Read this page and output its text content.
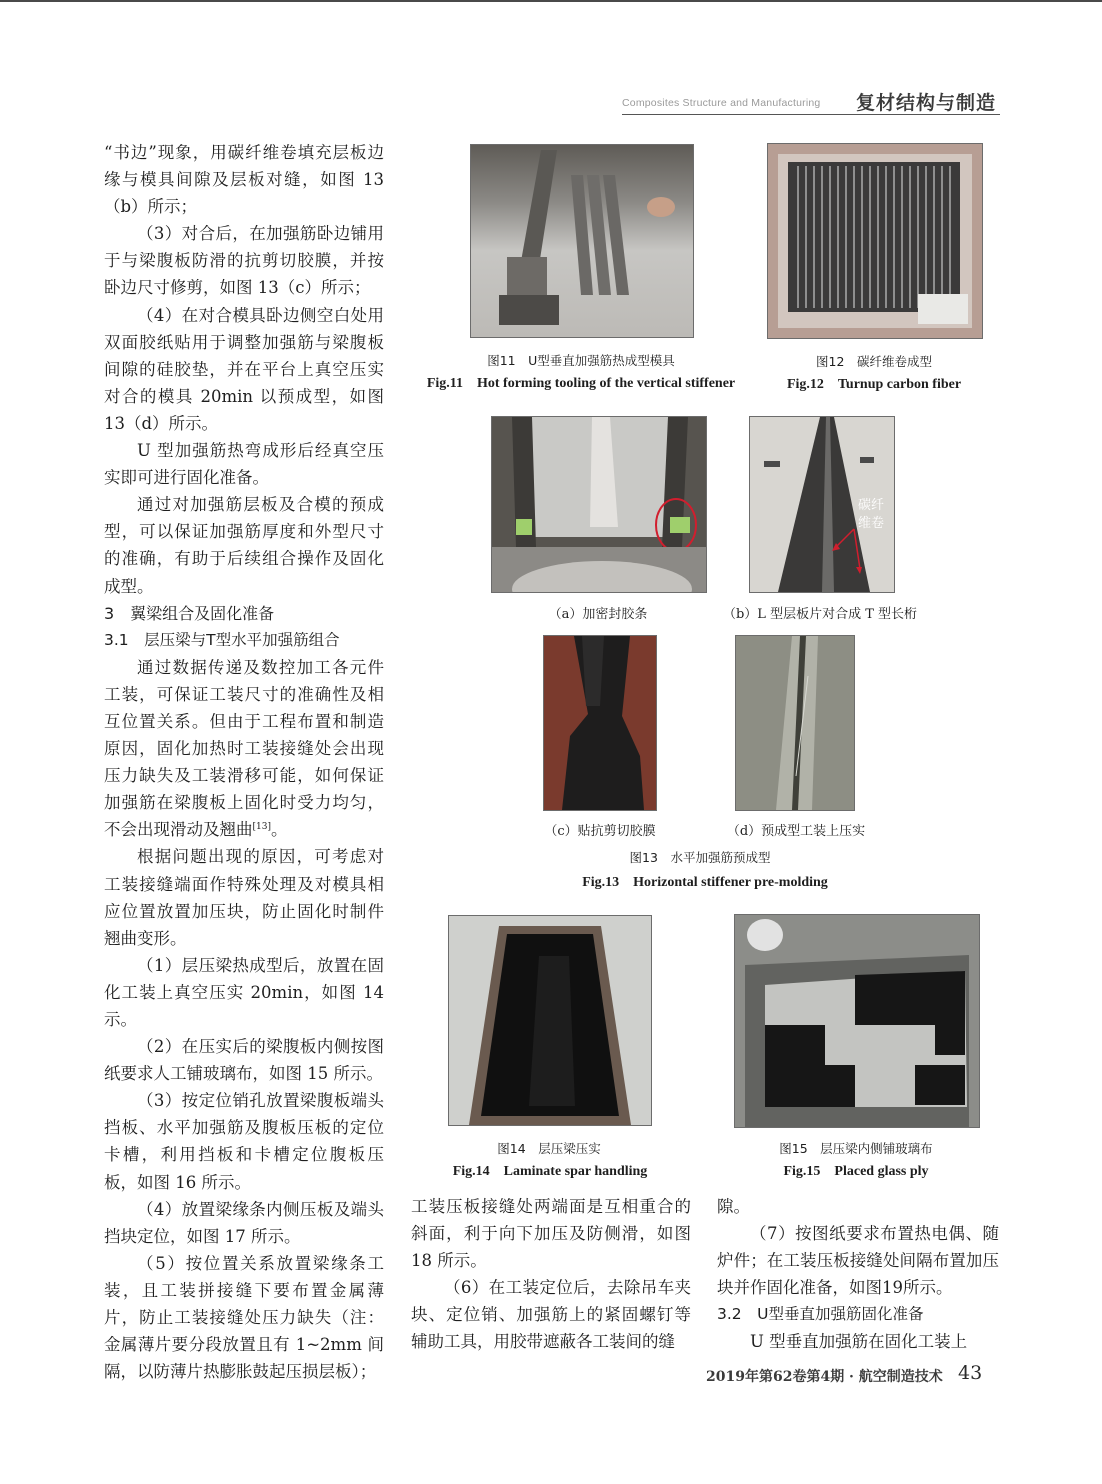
Composites Structure and Manufacturing 复材结构与制造

“书边”现象，用碳纤维卷填充层板边缘与模具间隙及层板对缝，如图 13（b）所示；

（3）对合后，在加强筋卧边铺用于与梁腹板防滑的抗剪切胶膜，并按卧边尺寸修剪，如图 13（c）所示；

（4）在对合模具卧边侧空白处用双面胶纸贴用于调整加强筋与梁腹板间隙的硅胶垫，并在平台上真空压实对合的模具 20min 以预成型，如图 13（d）所示。

U 型加强筋热弯成形后经真空压实即可进行固化准备。

通过对加强筋层板及合模的预成型，可以保证加强筋厚度和外型尺寸的准确，有助于后续组合操作及固化成型。

3　翼梁组合及固化准备

3.1　层压梁与T型水平加强筋组合

通过数据传递及数控加工各元件工装，可保证工装尺寸的准确性及相互位置关系。但由于工程布置和制造原因，固化加热时工装接缝处会出现压力缺失及工装滑移可能，如何保证加强筋在梁腹板上固化时受力均匀，不会出现滑动及翘曲[13]。

根据问题出现的原因，可考虑对工装接缝端面作特殊处理及对模具相应位置放置加压块，防止固化时制件翘曲变形。

（1）层压梁热成型后，放置在固化工装上真空压实 20min，如图 14 示。

（2）在压实后的梁腹板内侧按图纸要求人工铺玻璃布，如图 15 所示。

（3）按定位销孔放置梁腹板端头挡板、水平加强筋及腹板压板的定位卡槽，利用挡板和卡槽定位腹板压板，如图 16 所示。

（4）放置梁缘条内侧压板及端头挡块定位，如图 17 所示。

（5）按位置关系放置梁缘条工装，且工装拼接缝下要布置金属薄片，防止工装接缝处压力缺失（注：金属薄片要分段放置且有 1~2mm 间隔，以防薄片热膨胀鼓起压损层板）；

工装压板接缝处两端面是互相重合的斜面，利于向下加压及防侧滑，如图 18 所示。

（6）在工装定位后，去除吊车夹块、定位销、加强筋上的紧固螺钉等辅助工具，用胶带遮蔽各工装间的缝

隙。

（7）按图纸要求布置热电偶、随炉件；在工装压板接缝处间隔布置加压块并作固化准备，如图19所示。

3.2　U型垂直加强筋固化准备

U 型垂直加强筋在固化工装上

图11　U型垂直加强筋热成型模具
Fig.11　Hot forming tooling of the vertical stiffener
图12　碳纤维卷成型
Fig.12　Turnup carbon fiber
（a）加密封胶条
碳纤
维卷
（b）L 型层板片对合成 T 型长桁
（c）贴抗剪切胶膜	（d）预成型工装上压实
图13　水平加强筋预成型
Fig.13　Horizontal stiffener pre-molding
图14　层压梁压实
Fig.14　Laminate spar handling
图15　层压梁内侧铺玻璃布
Fig.15　Placed glass ply
2019年第62卷第4期 · 航空制造技术 43
